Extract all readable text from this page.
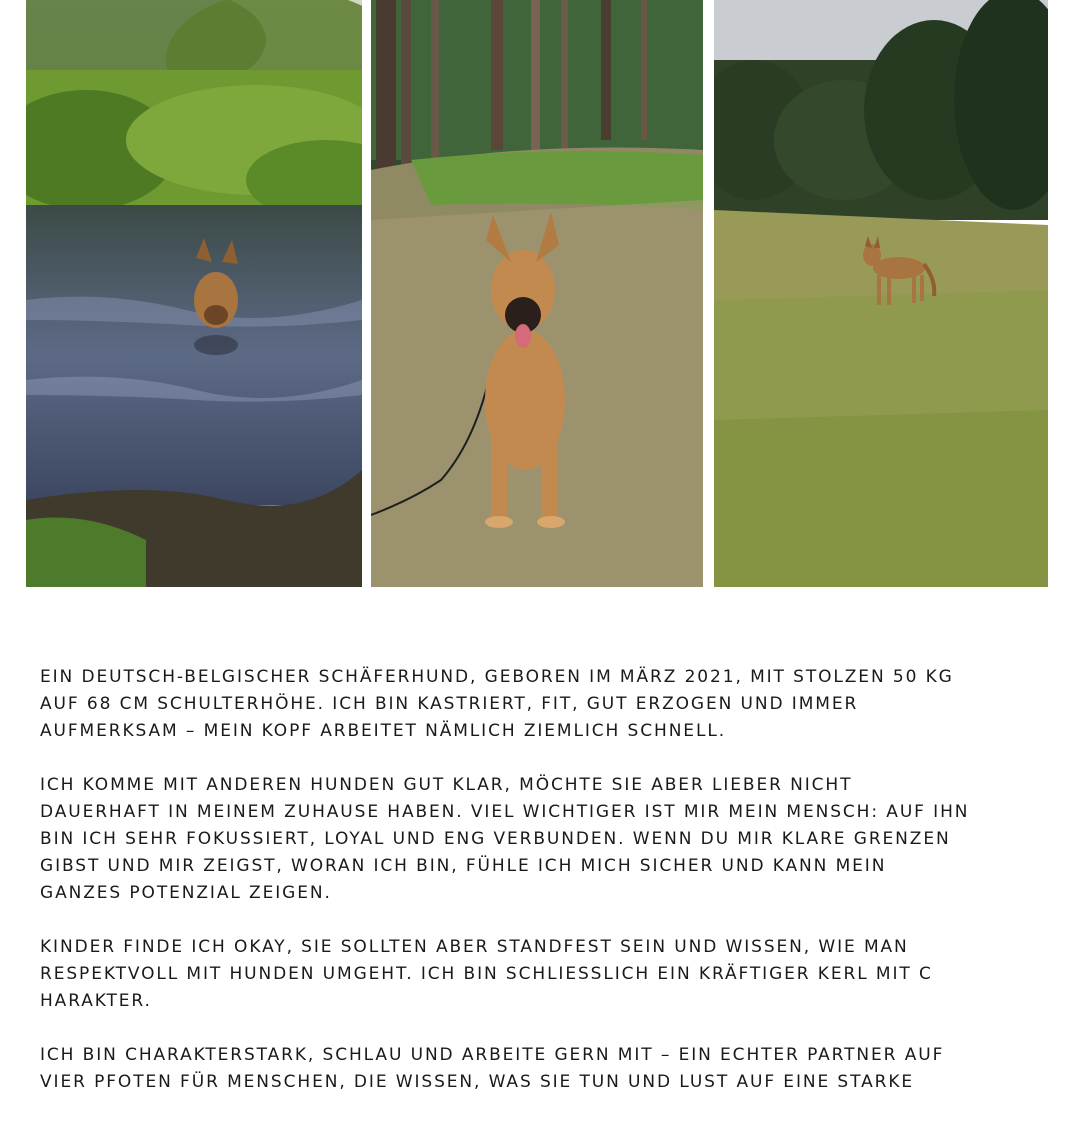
EIN DEUTSCH-BELGISCHER SCHÄFERHUND, GEBOREN IM MÄRZ 2021, MIT STOLZEN 50 KG
AUF 68 CM SCHULTERHÖHE. ICH BIN KASTRIERT, FIT, GUT ERZOGEN UND IMMER
AUFMERKSAM – MEIN KOPF ARBEITET NÄMLICH ZIEMLICH SCHNELL.

ICH KOMME MIT ANDEREN HUNDEN GUT KLAR, MÖCHTE SIE ABER LIEBER NICHT
DAUERHAFT IN MEINEM ZUHAUSE HABEN. VIEL WICHTIGER IST MIR MEIN MENSCH: AUF IHN
BIN ICH SEHR FOKUSSIERT, LOYAL UND ENG VERBUNDEN. WENN DU MIR KLARE GRENZEN
GIBST UND MIR ZEIGST, WORAN ICH BIN, FÜHLE ICH MICH SICHER UND KANN MEIN
GANZES POTENZIAL ZEIGEN.

KINDER FINDE ICH OKAY, SIE SOLLTEN ABER STANDFEST SEIN UND WISSEN, WIE MAN
RESPEKTVOLL MIT HUNDEN UMGEHT. ICH BIN SCHLIESSLICH EIN KRÄFTIGER KERL MIT C
HARAKTER.

ICH BIN CHARAKTERSTARK, SCHLAU UND ARBEITE GERN MIT – EIN ECHTER PARTNER AUF
VIER PFOTEN FÜR MENSCHEN, DIE WISSEN, WAS SIE TUN UND LUST AUF EINE STARKE
